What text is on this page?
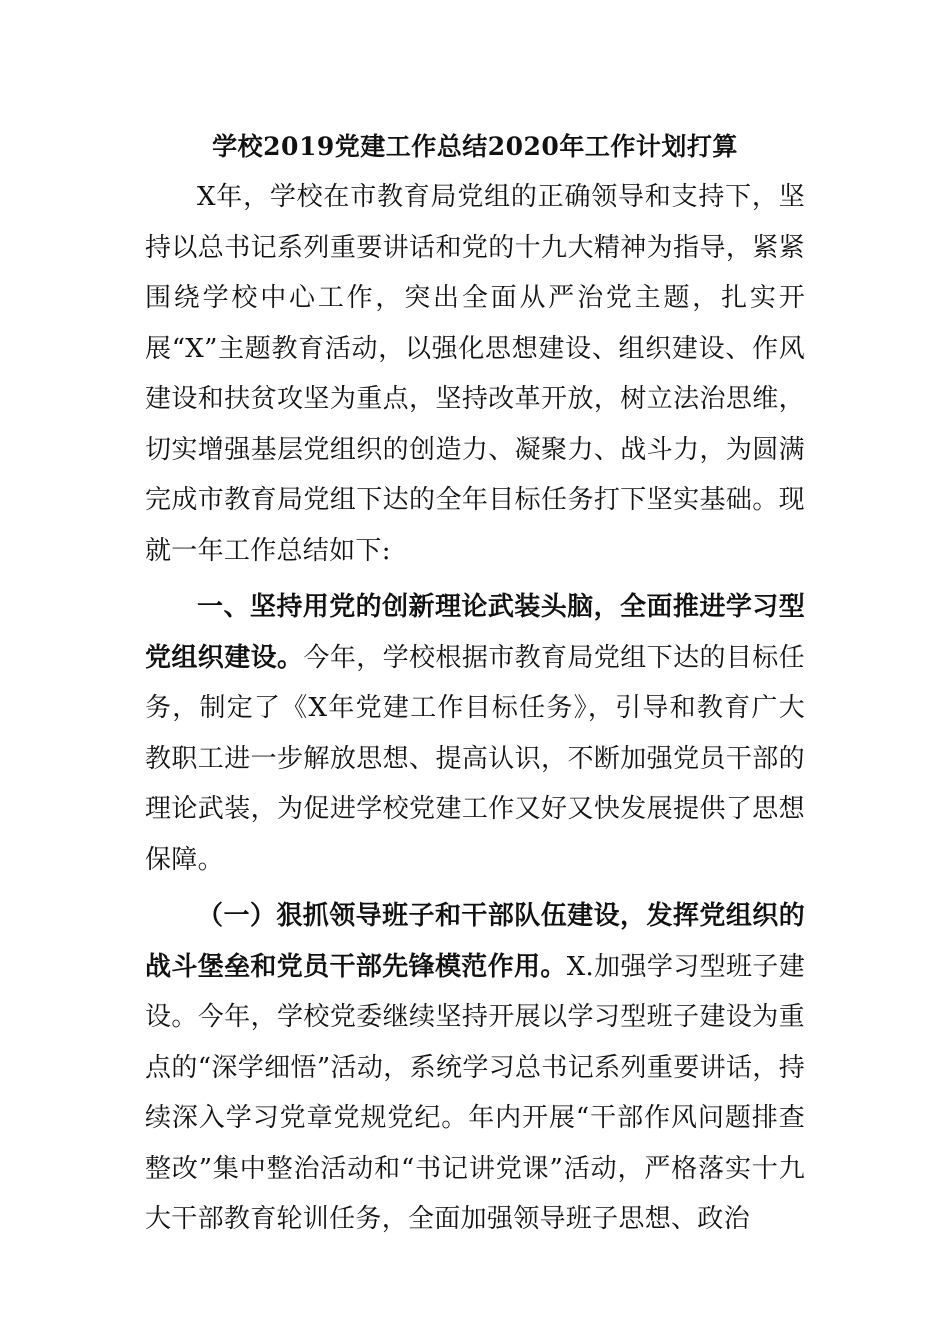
学校2019党建工作总结2020年工作计划打算

X年，学校在市教育局党组的正确领导和支持下，坚持以总书记系列重要讲话和党的十九大精神为指导，紧紧围绕学校中心工作，突出全面从严治党主题，扎实开展“X”主题教育活动，以强化思想建设、组织建设、作风建设和扶贫攻坚为重点，坚持改革开放，树立法治思维，切实增强基层党组织的创造力、凝聚力、战斗力，为圆满完成市教育局党组下达的全年目标任务打下坚实基础。现就一年工作总结如下:

一、坚持用党的创新理论武装头脑，全面推进学习型党组织建设。今年，学校根据市教育局党组下达的目标任务，制定了《X年党建工作目标任务》，引导和教育广大教职工进一步解放思想、提高认识，不断加强党员干部的理论武装，为促进学校党建工作又好又快发展提供了思想保障。

（一）狠抓领导班子和干部队伍建设，发挥党组织的战斗堡垒和党员干部先锋模范作用。X.加强学习型班子建设。今年，学校党委继续坚持开展以学习型班子建设为重点的“深学细悟”活动，系统学习总书记系列重要讲话，持续深入学习党章党规党纪。年内开展“干部作风问题排查整改”集中整治活动和“书记讲党课”活动，严格落实十九大干部教育轮训任务，全面加强领导班子思想、政治
